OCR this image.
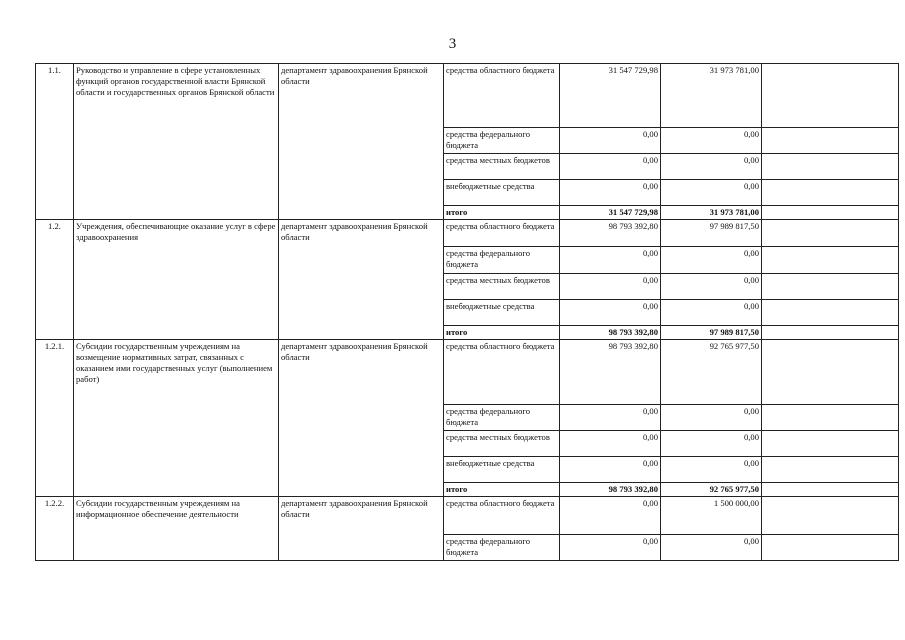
3
1.1.	Руководство и управление в сфере установленных функций органов государственной власти Брянской области и государственных органов Брянской области	департамент здравоохранения Брянской области	средства областного бюджета	31 547 729,98	31 973 781,00	
			средства федерального бюджета	0,00	0,00	
			средства местных бюджетов	0,00	0,00	
			внебюджетные средства	0,00	0,00	
			итого	31 547 729,98	31 973 781,00	
1.2.	Учреждения, обеспечивающие оказание услуг в сфере здравоохранения	департамент здравоохранения Брянской области	средства областного бюджета	98 793 392,80	97 989 817,50	
			средства федерального бюджета	0,00	0,00	
			средства местных бюджетов	0,00	0,00	
			внебюджетные средства	0,00	0,00	
			итого	98 793 392,80	97 989 817,50	
1.2.1.	Субсидии государственным учреждениям на возмещение нормативных затрат, связанных с оказанием ими государственных услуг (выполнением работ)	департамент здравоохранения Брянской области	средства областного бюджета	98 793 392,80	92 765 977,50	
			средства федерального бюджета	0,00	0,00	
			средства местных бюджетов	0,00	0,00	
			внебюджетные средства	0,00	0,00	
			итого	98 793 392,80	92 765 977,50	
1.2.2.	Субсидии государственным учреждениям на информационное обеспечение деятельности	департамент здравоохранения Брянской области	средства областного бюджета	0,00	1 500 000,00	
			средства федерального бюджета	0,00	0,00	
